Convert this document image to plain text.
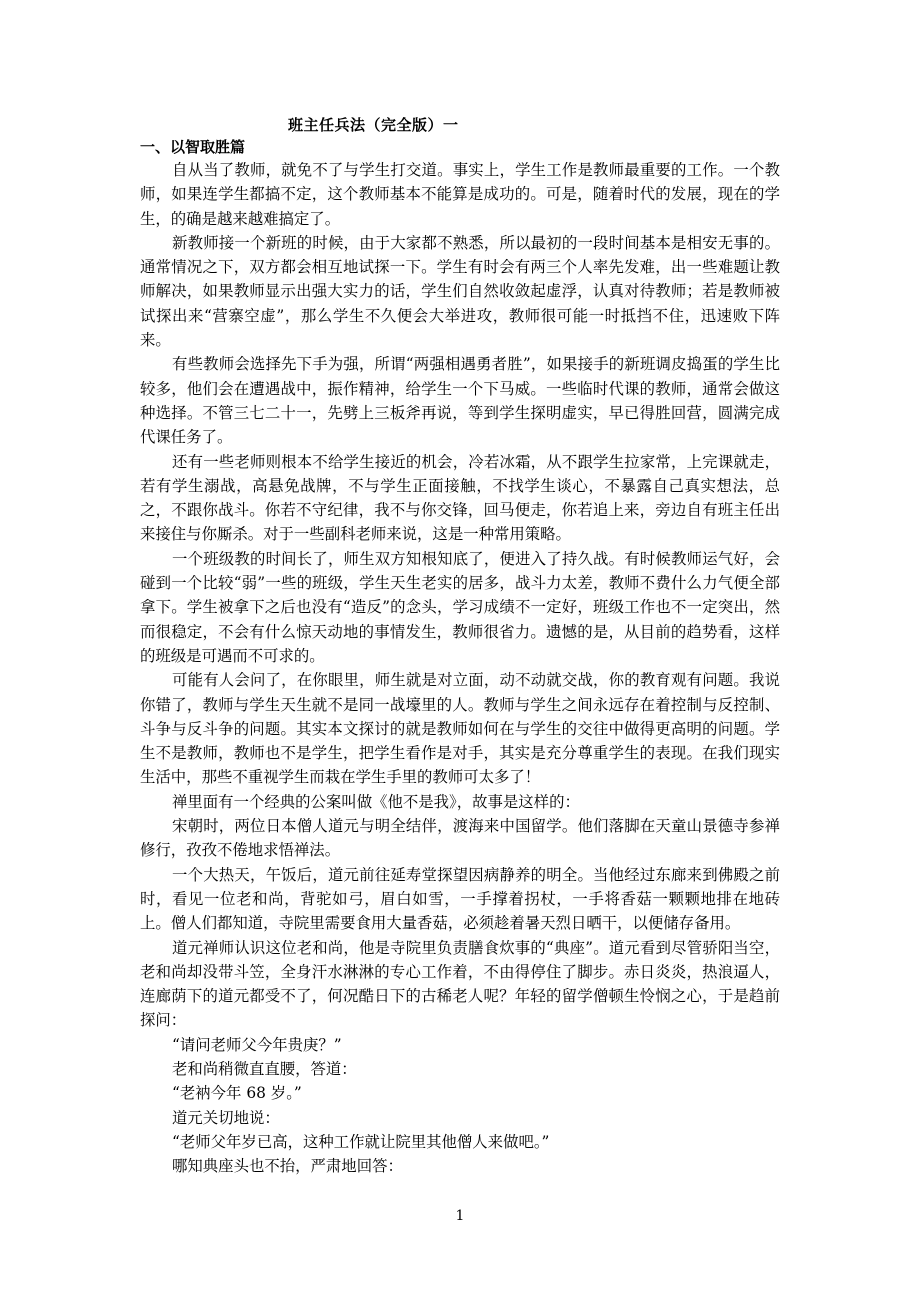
班主任兵法（完全版）一
一、以智取胜篇

自从当了教师，就免不了与学生打交道。事实上，学生工作是教师最重要的工作。一个教师，如果连学生都搞不定，这个教师基本不能算是成功的。可是，随着时代的发展，现在的学生，的确是越来越难搞定了。

新教师接一个新班的时候，由于大家都不熟悉，所以最初的一段时间基本是相安无事的。通常情况之下，双方都会相互地试探一下。学生有时会有两三个人率先发难，出一些难题让教师解决，如果教师显示出强大实力的话，学生们自然收敛起虚浮，认真对待教师；若是教师被试探出来“营寨空虚”，那么学生不久便会大举进攻，教师很可能一时抵挡不住，迅速败下阵来。

有些教师会选择先下手为强，所谓“两强相遇勇者胜”，如果接手的新班调皮捣蛋的学生比较多，他们会在遭遇战中，振作精神，给学生一个下马威。一些临时代课的教师，通常会做这种选择。不管三七二十一，先劈上三板斧再说，等到学生探明虚实，早已得胜回营，圆满完成代课任务了。

还有一些老师则根本不给学生接近的机会，冷若冰霜，从不跟学生拉家常，上完课就走，若有学生溺战，高悬免战牌，不与学生正面接触，不找学生谈心，不暴露自己真实想法，总之，不跟你战斗。你若不守纪律，我不与你交锋，回马便走，你若追上来，旁边自有班主任出来接住与你厮杀。对于一些副科老师来说，这是一种常用策略。

一个班级教的时间长了，师生双方知根知底了，便进入了持久战。有时候教师运气好，会碰到一个比较“弱”一些的班级，学生天生老实的居多，战斗力太差，教师不费什么力气便全部拿下。学生被拿下之后也没有“造反”的念头，学习成绩不一定好，班级工作也不一定突出，然而很稳定，不会有什么惊天动地的事情发生，教师很省力。遗憾的是，从目前的趋势看，这样的班级是可遇而不可求的。

可能有人会问了，在你眼里，师生就是对立面，动不动就交战，你的教育观有问题。我说你错了，教师与学生天生就不是同一战壕里的人。教师与学生之间永远存在着控制与反控制、斗争与反斗争的问题。其实本文探讨的就是教师如何在与学生的交往中做得更高明的问题。学生不是教师，教师也不是学生，把学生看作是对手，其实是充分尊重学生的表现。在我们现实生活中，那些不重视学生而栽在学生手里的教师可太多了！

禅里面有一个经典的公案叫做《他不是我》，故事是这样的：

宋朝时，两位日本僧人道元与明全结伴，渡海来中国留学。他们落脚在天童山景德寺参禅修行，孜孜不倦地求悟禅法。

一个大热天，午饭后，道元前往延寿堂探望因病静养的明全。当他经过东廊来到佛殿之前时，看见一位老和尚，背驼如弓，眉白如雪，一手撑着拐杖，一手将香菇一颗颗地排在地砖上。僧人们都知道，寺院里需要食用大量香菇，必须趁着暑天烈日晒干，以便储存备用。

道元禅师认识这位老和尚，他是寺院里负责膳食炊事的“典座”。道元看到尽管骄阳当空，老和尚却没带斗笠，全身汗水淋淋的专心工作着，不由得停住了脚步。赤日炎炎，热浪逼人，连廊荫下的道元都受不了，何况酷日下的古稀老人呢？年轻的留学僧顿生怜悯之心，于是趋前探问：

“请问老师父今年贵庚？”

老和尚稍微直直腰，答道：

“老衲今年 68 岁。”

道元关切地说：

“老师父年岁已高，这种工作就让院里其他僧人来做吧。”

哪知典座头也不抬，严肃地回答：

1
